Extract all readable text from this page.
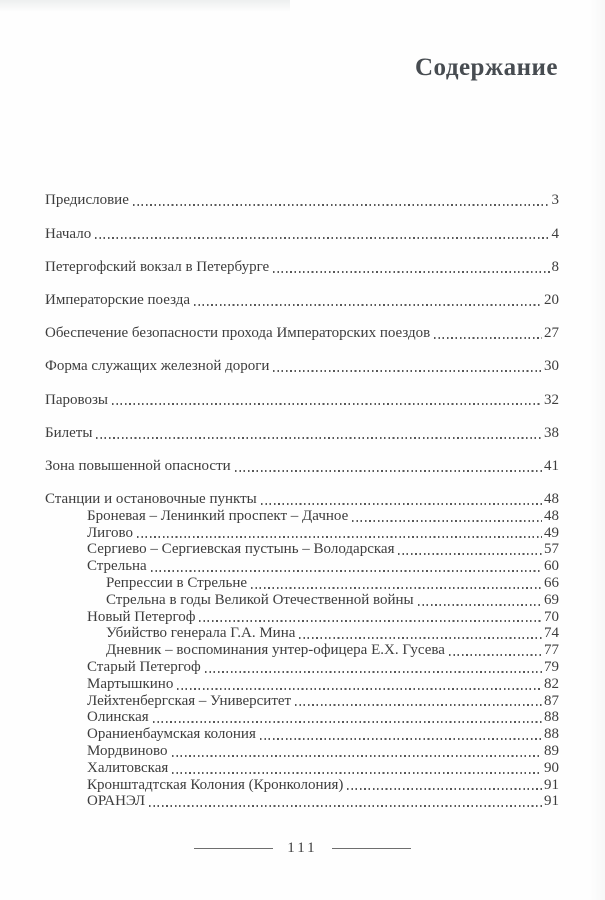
Содержание
Предисловие	3
Начало	4
Петергофский вокзал в Петербурге	8
Императорские поезда	20
Обеспечение безопасности прохода Императорских поездов	27
Форма служащих железной дороги	30
Паровозы	32
Билеты	38
Зона повышенной опасности	41
Станции и остановочные пункты	48
Броневая – Ленинкий проспект – Дачное	48
Лигово	49
Сергиево – Сергиевская пустынь – Володарская	57
Стрельна	60
Репрессии в Стрельне	66
Стрельна в годы Великой Отечественной войны	69
Новый Петергоф	70
Убийство генерала Г.А. Мина	74
Дневник – воспоминания унтер-офицера Е.Х. Гусева	77
Старый Петергоф	79
Мартышкино	82
Лейхтенбергская – Университет	87
Олинская	88
Ораниенбаумская колония	88
Мордвиново	89
Халитовская	90
Кронштадтская Колония (Кронколония)	91
ОРАНЭЛ	91
111
